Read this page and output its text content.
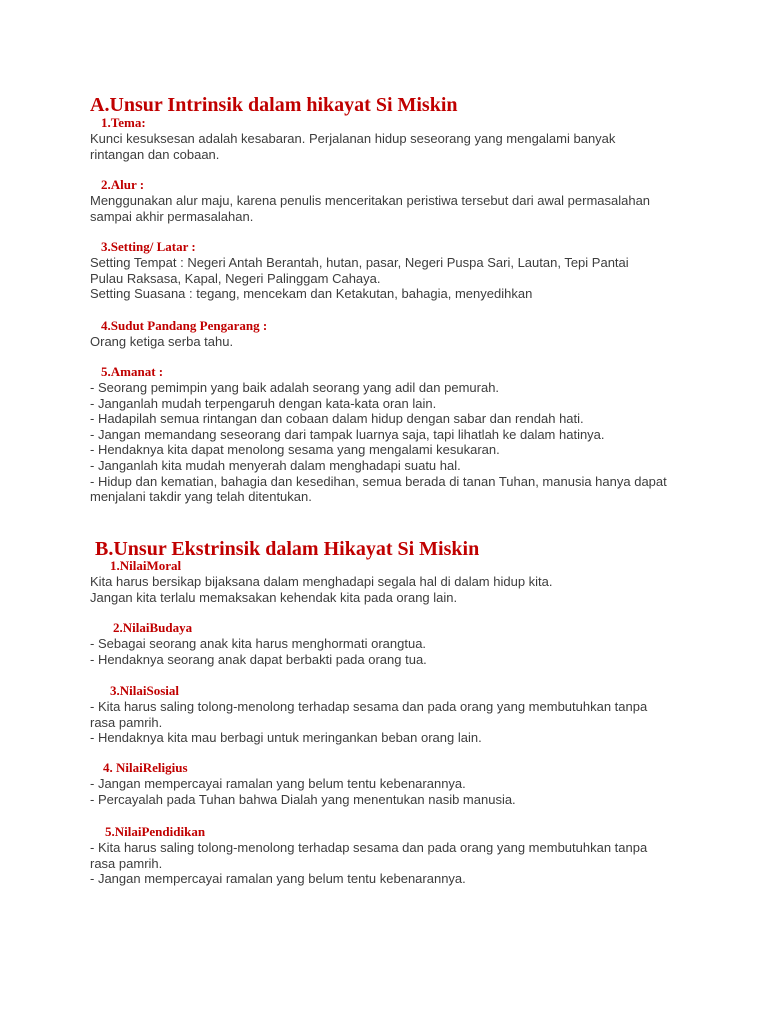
A.Unsur Intrinsik dalam hikayat Si Miskin
1.Tema:

Kunci kesuksesan adalah kesabaran. Perjalanan hidup seseorang yang mengalami banyak
rintangan dan cobaan.

2.Alur :

Menggunakan alur maju, karena penulis menceritakan peristiwa tersebut dari awal permasalahan
sampai akhir permasalahan.

3.Setting/ Latar :

Setting Tempat : Negeri Antah Berantah, hutan, pasar, Negeri Puspa Sari, Lautan, Tepi Pantai
Pulau Raksasa, Kapal, Negeri Palinggam Cahaya.
Setting Suasana : tegang, mencekam dan Ketakutan, bahagia, menyedihkan

4.Sudut Pandang Pengarang :

Orang ketiga serba tahu.

5.Amanat :

- Seorang pemimpin yang baik adalah seorang yang adil dan pemurah.
- Janganlah mudah terpengaruh dengan kata-kata oran lain.
- Hadapilah semua rintangan dan cobaan dalam hidup dengan sabar dan rendah hati.
- Jangan memandang seseorang dari tampak luarnya saja, tapi lihatlah ke dalam hatinya.
- Hendaknya kita dapat menolong sesama yang mengalami kesukaran.
- Janganlah kita mudah menyerah dalam menghadapi suatu hal.
- Hidup dan kematian, bahagia dan kesedihan, semua berada di tanan Tuhan, manusia hanya dapat
menjalani takdir yang telah ditentukan.

B.Unsur Ekstrinsik dalam Hikayat Si Miskin
1.NilaiMoral

Kita harus bersikap bijaksana dalam menghadapi segala hal di dalam hidup kita.
Jangan kita terlalu memaksakan kehendak kita pada orang lain.

2.NilaiBudaya

- Sebagai seorang anak kita harus menghormati orangtua.
- Hendaknya seorang anak dapat berbakti pada orang tua.

3.NilaiSosial

- Kita harus saling tolong-menolong terhadap sesama dan pada orang yang membutuhkan tanpa
rasa pamrih.
- Hendaknya kita mau berbagi untuk meringankan beban orang lain.

4. NilaiReligius

- Jangan mempercayai ramalan yang belum tentu kebenarannya.
- Percayalah pada Tuhan bahwa Dialah yang menentukan nasib manusia.

5.NilaiPendidikan

- Kita harus saling tolong-menolong terhadap sesama dan pada orang yang membutuhkan tanpa
rasa pamrih.
- Jangan mempercayai ramalan yang belum tentu kebenarannya.
